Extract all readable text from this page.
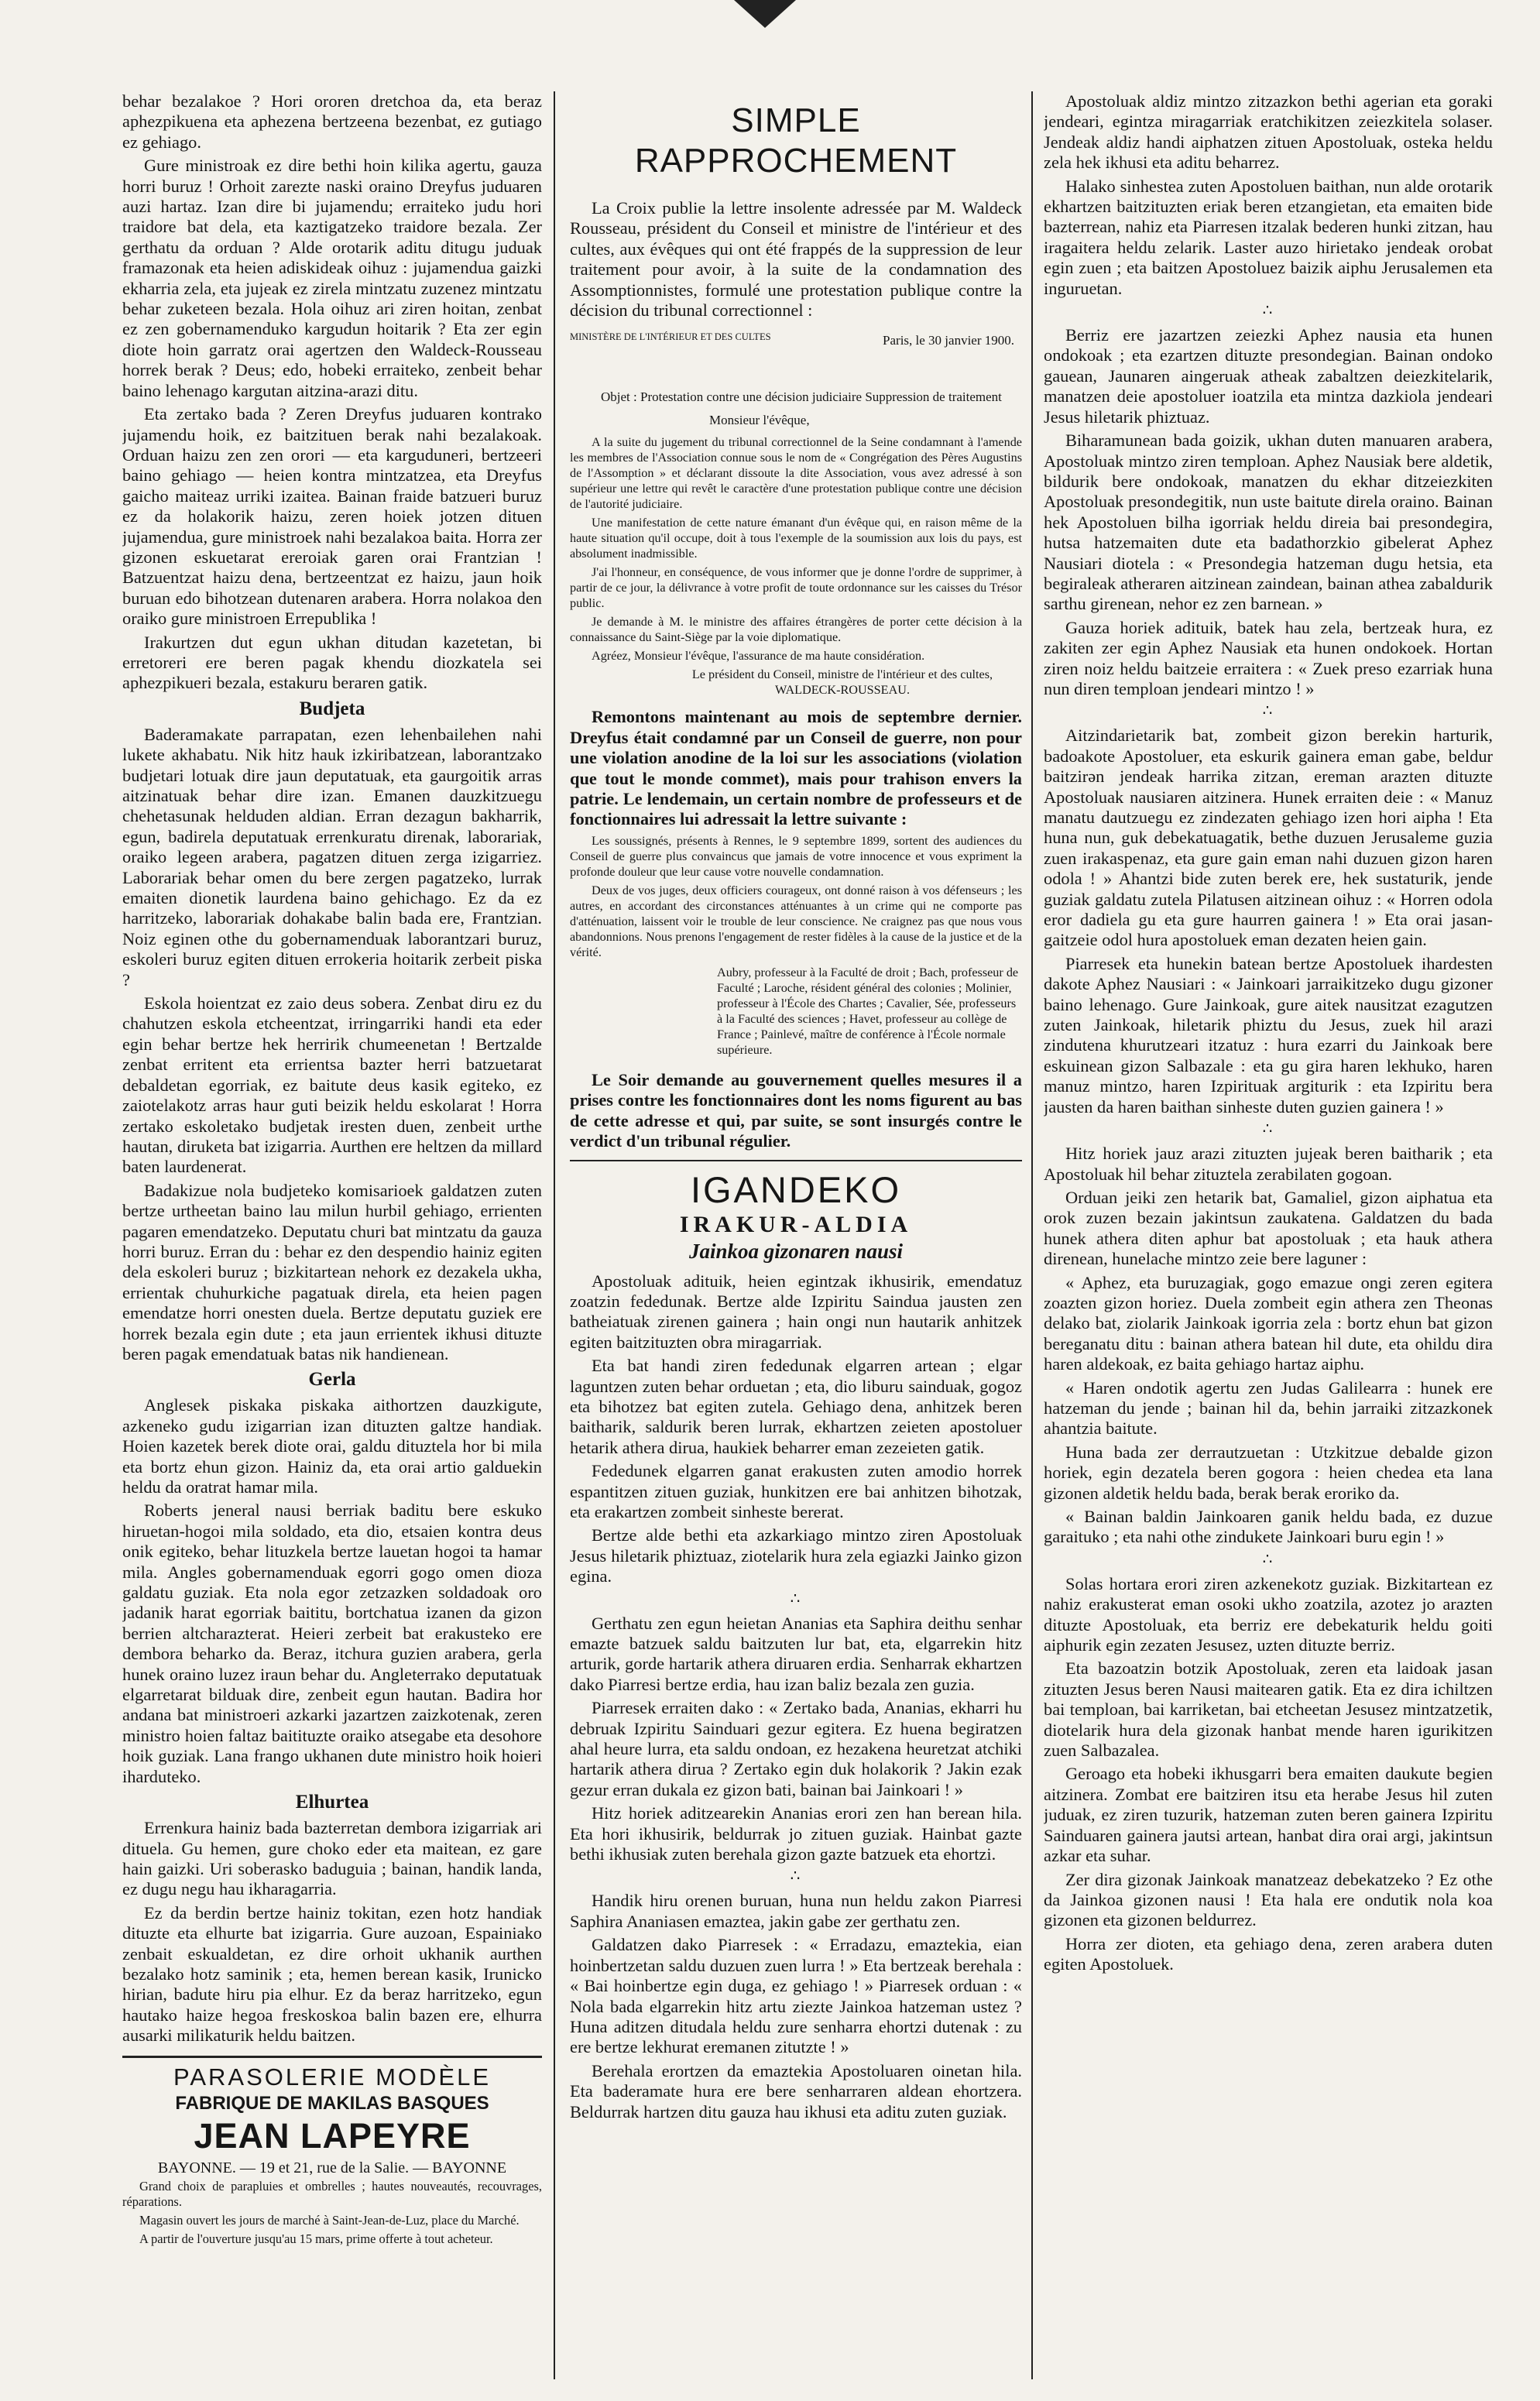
behar bezalakoe ? Hori ororen dretchoa da, eta beraz aphezpikuena eta aphezena bertzeena bezenbat, ez gutiago ez gehiago.

Gure ministroak ez dire bethi hoin kilika agertu, gauza horri buruz ! Orhoit zarezte naski oraino Dreyfus juduaren auzi hartaz. Izan dire bi jujamendu; erraiteko judu hori traidore bat dela, eta kaztigatzeko traidore bezala. Zer gerthatu da orduan ? Alde orotarik aditu ditugu juduak framazonak eta heien adiskideak oihuz : jujamendua gaizki ekharria zela, eta jujeak ez zirela mintzatu zuzenez mintzatu behar zuketeen bezala. Hola oihuz ari ziren hoitan, zenbat ez zen gobernamenduko kargudun hoitarik ? Eta zer egin diote hoin garratz orai agertzen den Waldeck-Rousseau horrek berak ? Deus; edo, hobeki erraiteko, zenbeit behar baino lehenago kargutan aitzina-arazi ditu.

Eta zertako bada ? Zeren Dreyfus juduaren kontrako jujamendu hoik, ez baitzituen berak nahi bezalakoak. Orduan haizu zen zen orori — eta karguduneri, bertzeeri baino gehiago — heien kontra mintzatzea, eta Dreyfus gaicho maiteaz urriki izaitea. Bainan fraide batzueri buruz ez da holakorik haizu, zeren hoiek jotzen dituen jujamendua, gure ministroek nahi bezalakoa baita. Horra zer gizonen eskuetarat ereroiak garen orai Frantzian ! Batzuentzat haizu dena, bertzeentzat ez haizu, jaun hoik buruan edo bihotzean dutenaren arabera. Horra nolakoa den oraiko gure ministroen Errepublika !

Irakurtzen dut egun ukhan ditudan kazetetan, bi erretoreri ere beren pagak khendu diozkatela sei aphezpikueri bezala, estakuru beraren gatik.

Budjeta

Baderamakate parrapatan, ezen lehenbailehen nahi lukete akhabatu. Nik hitz hauk izkiribatzean, laborantzako budjetari lotuak dire jaun deputatuak, eta gaurgoitik arras aitzinatuak behar dire izan. Emanen dauzkitzuegu chehetasunak helduden aldian. Erran dezagun bakharrik, egun, badirela deputatuak errenkuratu direnak, laborariak, oraiko legeen arabera, pagatzen dituen zerga izigarriez. Laborariak behar omen du bere zergen pagatzeko, lurrak emaiten dionetik laurdena baino gehichago. Ez da ez harritzeko, laborariak dohakabe balin bada ere, Frantzian. Noiz eginen othe du gobernamenduak laborantzari buruz, eskoleri buruz egiten dituen errokeria hoitarik zerbeit piska ?

Eskola hoientzat ez zaio deus sobera. Zenbat diru ez du chahutzen eskola etcheentzat, irringarriki handi eta eder egin behar bertze hek herririk chumeenetan ! Bertzalde zenbat erritent eta errientsa bazter herri batzuetarat debaldetan egorriak, ez baitute deus kasik egiteko, ez zaiotelakotz arras haur guti beizik heldu eskolarat ! Horra zertako eskoletako budjetak iresten duen, zenbeit urthe hautan, diruketa bat izigarria. Aurthen ere heltzen da millard baten laurdenerat.

Badakizue nola budjeteko komisarioek galdatzen zuten bertze urtheetan baino lau milun hurbil gehiago, errienten pagaren emendatzeko. Deputatu churi bat mintzatu da gauza horri buruz. Erran du : behar ez den despendio hainiz egiten dela eskoleri buruz ; bizkitartean nehork ez dezakela ukha, errientak chuhurkiche pagatuak direla, eta heien pagen emendatze horri onesten duela. Bertze deputatu guziek ere horrek bezala egin dute ; eta jaun errientek ikhusi dituzte beren pagak emendatuak batas nik handienean.

Gerla

Anglesek piskaka piskaka aithortzen dauzkigute, azkeneko gudu izigarrian izan dituzten galtze handiak. Hoien kazetek berek diote orai, galdu dituztela hor bi mila eta bortz ehun gizon. Hainiz da, eta orai artio galduekin heldu da oratrat hamar mila.

Roberts jeneral nausi berriak baditu bere eskuko hiruetan-hogoi mila soldado, eta dio, etsaien kontra deus onik egiteko, behar lituzkela bertze lauetan hogoi ta hamar mila. Angles gobernamenduak egorri gogo omen dioza galdatu guziak. Eta nola egor zetzazken soldadoak oro jadanik harat egorriak baititu, bortchatua izanen da gizon berrien altcharazterat. Heieri zerbeit bat erakusteko ere dembora beharko da. Beraz, itchura guzien arabera, gerla hunek oraino luzez iraun behar du. Angleterrako deputatuak elgarretarat bilduak dire, zenbeit egun hautan. Badira hor andana bat ministroeri azkarki jazartzen zaizkotenak, zeren ministro hoien faltaz baitituzte oraiko atsegabe eta desohore hoik guziak. Lana frango ukhanen dute ministro hoik hoieri iharduteko.

Elhurtea

Errenkura hainiz bada bazterretan dembora izigarriak ari dituela. Gu hemen, gure choko eder eta maitean, ez gare hain gaizki. Uri soberasko baduguia ; bainan, handik landa, ez dugu negu hau ikharagarria.

Ez da berdin bertze hainiz tokitan, ezen hotz handiak dituzte eta elhurte bat izigarria. Gure auzoan, Espainiako zenbait eskualdetan, ez dire orhoit ukhanik aurthen bezalako hotz saminik ; eta, hemen berean kasik, Irunicko hirian, badute hiru pia elhur. Ez da beraz harritzeko, egun hautako haize hegoa freskoskoa balin bazen ere, elhurra ausarki milikaturik heldu baitzen.

PARASOLERIE MODÈLE
FABRIQUE DE MAKILAS BASQUES
JEAN LAPEYRE
BAYONNE. — 19 et 21, rue de la Salie. — BAYONNE

Grand choix de parapluies et ombrelles ; hautes nouveautés, recouvrages, réparations.

Magasin ouvert les jours de marché à Saint-Jean-de-Luz, place du Marché.

A partir de l'ouverture jusqu'au 15 mars, prime offerte à tout acheteur.

SIMPLE RAPPROCHEMENT

La Croix publie la lettre insolente adressée par M. Waldeck Rousseau, président du Conseil et ministre de l'intérieur et des cultes, aux évêques qui ont été frappés de la suppression de leur traitement pour avoir, à la suite de la condamnation des Assomptionnistes, formulé une protestation publique contre la décision du tribunal correctionnel :

MINISTÈRE DE L'INTÉRIEUR ET DES CULTES	Paris, le 30 janvier 1900.
Objet : Protestation contre une décision judiciaire Suppression de traitement
Monsieur l'évêque,

A la suite du jugement du tribunal correctionnel de la Seine condamnant à l'amende les membres de l'Association connue sous le nom de « Congrégation des Pères Augustins de l'Assomption » et déclarant dissoute la dite Association, vous avez adressé à son supérieur une lettre qui revêt le caractère d'une protestation publique contre une décision de l'autorité judiciaire.

Une manifestation de cette nature émanant d'un évêque qui, en raison même de la haute situation qu'il occupe, doit à tous l'exemple de la soumission aux lois du pays, est absolument inadmissible.

J'ai l'honneur, en conséquence, de vous informer que je donne l'ordre de supprimer, à partir de ce jour, la délivrance à votre profit de toute ordonnance sur les caisses du Trésor public.

Je demande à M. le ministre des affaires étrangères de porter cette décision à la connaissance du Saint-Siège par la voie diplomatique.

Agréez, Monsieur l'évêque, l'assurance de ma haute considération.

Le président du Conseil, ministre de l'intérieur et des cultes, WALDECK-ROUSSEAU.

Remontons maintenant au mois de septembre dernier. Dreyfus était condamné par un Conseil de guerre, non pour une violation anodine de la loi sur les associations (violation que tout le monde commet), mais pour trahison envers la patrie. Le lendemain, un certain nombre de professeurs et de fonctionnaires lui adressait la lettre suivante :

Les soussignés, présents à Rennes, le 9 septembre 1899, sortent des audiences du Conseil de guerre plus convaincus que jamais de votre innocence et vous expriment la profonde douleur que leur cause votre nouvelle condamnation.

Deux de vos juges, deux officiers courageux, ont donné raison à vos défenseurs ; les autres, en accordant des circonstances atténuantes à un crime qui ne comporte pas d'atténuation, laissent voir le trouble de leur conscience. Ne craignez pas que nous vous abandonnions. Nous prenons l'engagement de rester fidèles à la cause de la justice et de la vérité.

Aubry, professeur à la Faculté de droit ; Bach, professeur de Faculté ; Laroche, résident général des colonies ; Molinier, professeur à l'École des Chartes ; Cavalier, Sée, professeurs à la Faculté des sciences ; Havet, professeur au collège de France ; Painlevé, maître de conférence à l'École normale supérieure.

Le Soir demande au gouvernement quelles mesures il a prises contre les fonctionnaires dont les noms figurent au bas de cette adresse et qui, par suite, se sont insurgés contre le verdict d'un tribunal régulier.

IGANDEKO
IRAKUR-ALDIA
Jainkoa gizonaren nausi

Apostoluak adituik, heien egintzak ikhusirik, emendatuz zoatzin fededunak. Bertze alde Izpiritu Sainduа jausten zen batheiatuak zirenen gainera ; hain ongi nun hautarik anhitzek egiten baitzituzten obra miragarriak.

Eta bat handi ziren fededunak elgarren artean ; elgar laguntzen zuten behar orduetan ; eta, dio liburu sainduak, gogoz eta bihotzez bat egiten zutela. Gehiago dena, anhitzek beren baitharik, saldurik beren lurrak, ekhartzen zeieten apostoluer hetarik athera dirua, haukiek beharrer eman zezeieten gatik.

Fededunek elgarren ganat erakusten zuten amodio horrek espantitzen zituen guziak, hunkitzen ere bai anhitzen bihotzak, eta erakartzen zombeit sinheste bererat.

Bertze alde bethi eta azkarkiago mintzo ziren Apostoluak Jesus hiletarik phiztuaz, ziotelarik hura zela egiazki Jainko gizon egina.

∴

Gerthatu zen egun heietan Ananias eta Saphira deithu senhar emazte batzuek saldu baitzuten lur bat, eta, elgarrekin hitz arturik, gorde hartarik athera diruaren erdia. Senharrak ekhartzen dako Piarresi bertze erdia, hau izan baliz bezala zen guzia.

Piarresek erraiten dako : « Zertako bada, Ananias, ekharri hu debruak Izpiritu Sainduari gezur egiterа. Ez huena begiratzen ahal heure lurra, eta saldu ondoan, ez hezakena heuretzat atchiki hartarik athera dirua ? Zertako egin duk holakorik ? Jakin ezak gezur erran dukala ez gizon bati, bainan bai Jainkoari ! »

Hitz horiek aditzearekin Ananias erori zen han berean hila. Eta hori ikhusirik, beldurrak jo zituen guziak. Hainbat gazte bethi ikhusiak zuten berehala gizon gazte batzuek eta ehortzi.

∴

Handik hiru orenen buruan, huna nun heldu zakon Piarresi Saphira Ananiasen emaztea, jakin gabe zer gerthatu zen.

Galdatzen dako Piarresek : « Erradazu, emaztekia, eian hoinbertzetan saldu duzuen zuen lurra ! » Eta bertzeak berehala : « Bai hoinbertze egin duga, ez gehiago ! » Piarresek orduan : « Nola bada elgarrekin hitz artu ziezte Jainkoa hatzeman ustez ? Huna aditzen ditudala heldu zure senharra ehortzi dutenak : zu ere bertze lekhurat eremanen zitutzte ! »

Berehala erortzen da emaztekia Apostoluaren oinetan hila. Eta baderamate hura ere bere senharraren aldean ehortzera. Beldurrak hartzen ditu gauza hau ikhusi eta aditu zuten guziak.

Apostoluak aldiz mintzo zitzazkon bethi agerian eta goraki jendeari, egintza miragarriak eratchikitzen zeiezkitela solaser. Jendeak aldiz handi aiphatzen zituen Apostoluak, osteka heldu zela hek ikhusi eta aditu beharrez.

Halako sinhestea zuten Apostoluen baithan, nun alde orotarik ekhartzen baitzituzten eriak beren etzangietan, eta emaiten bide bazterrean, nahiz eta Piarresen itzalak bederen hunki zitzan, hau iragaitera heldu zelarik. Laster auzo hirietako jendeak orobat egin zuen ; eta baitzen Apostoluez baizik aiphu Jerusalemen eta inguruetan.

∴

Berriz ere jazartzen zeiezki Aphez nausia eta hunen ondokoak ; eta ezartzen dituzte presondegian. Bainan ondoko gauean, Jaunaren aingeruak atheak zabaltzen deiezkitelarik, manatzen deie apostoluer ioatzila eta mintza dazkiola jendeari Jesus hiletarik phiztuaz.

Biharamunean bada goizik, ukhan duten manuaren arabera, Apostoluak mintzo ziren temploan. Aphez Nausiak bere aldetik, bildurik bere ondokoak, manatzen du ekhar ditzeiezkiten Apostoluak presondegitik, nun uste baitute direla oraino. Bainan hek Apostoluen bilha igorriak heldu direia bai presondegira, hutsa hatzemaiten dute eta badathorzkio gibelerat Aphez Nausiari diotela : « Presondegia hatzeman dugu hetsia, eta begiraleak atheraren aitzinean zaindean, bainan athea zabaldurik sarthu girenean, nehor ez zen barnean. »

Gauza horiek adituik, batek hau zela, bertzeak hura, ez zakiten zer egin Aphez Nausiak eta hunen ondokoek. Hortan ziren noiz heldu baitzeie erraitera : « Zuek preso ezarriak huna nun diren templоan jendeari mintzo ! »

∴

Aitzindarietarik bat, zombeit gizon berekin harturik, badoakote Apostoluer, eta eskurik gainera eman gabe, beldur baitzirən jendeak harrika zitzan, ereman arazten dituzte Apostoluak nausiaren aitzinera. Hunek erraiten deie : « Manuz manatu dautzuegu ez zindezaten gehiago izen hori aipha ! Eta huna nun, guk debekatuagatik, bethe duzuen Jerusaleme guzia zuen irakaspenaz, eta gure gain eman nahi duzuen gizon haren odola ! » Ahantzi bide zuten berek ere, hek sustaturik, jende guziak galdatu zutela Pilatusen aitzinean oihuz : « Horren odola eror dadiela gu eta gure haurren gainera ! » Eta orai jasan-gaitzeie odol hura apostoluek eman dezaten heien gain.

Piarresek eta hunekin batean bertze Apostoluek ihardesten dakote Aphez Nausiari : « Jainkoari jarraikitzeko dugu gizoner baino lehenago. Gure Jainkoak, gure aitek nausitzat ezagutzen zuten Jainkoak, hiletarik phiztu du Jesus, zuek hil arazi zindutena khurutzeari itzatuz : hura ezarri du Jainkoak bere eskuinean gizon Salbazale : eta gu gira haren lekhuko, haren manuz mintzo, haren Izpirituak argiturik : eta Izpiritu bera jausten da haren baithan sinheste duten guzien gainera ! »

∴

Hitz horiek jauz arazi zituzten jujeak beren baitharik ; eta Apostoluak hil behar zituztela zerabilaten gogoan.

Orduan jeiki zen hetarik bat, Gamaliel, gizon aiphatua eta orok zuzen bezain jakintsun zaukatena. Galdatzen du bada hunek athera diten aphur bat apostoluak ; eta hauk athera direnean, hunelache mintzo zeie bere laguner :

« Aphez, eta buruzagiak, gogo emazue ongi zeren egitera zoazten gizon horiez. Duela zombeit egin athera zen Theonas delako bat, ziolarik Jainkoak igorria zela : bortz ehun bat gizon bereganatu ditu : bainan athera batean hil dute, eta ohildu dira haren aldekoak, ez baita gehiago hartaz aiphu.

« Haren ondotik agertu zen Judas Galilearra : hunek ere hatzeman du jende ; bainan hil da, behin jarraiki zitzazkonek ahantzia baitute.

Huna bada zer derrautzuetan : Utzkitzue debalde gizon horiek, egin dezatela beren gogora : heien chedea eta lana gizonen aldetik heldu bada, berak berak eroriko da.

« Bainan baldin Jainkoaren ganik heldu bada, ez duzue garaituko ; eta nahi othe zindukete Jainkoari buru egin ! »

∴

Solas hortara erori ziren azkenekotz guziak. Bizkitartean ez nahiz erakusterat eman osoki ukho zoatzila, azotez jo arazten dituzte Apostoluak, eta berriz ere debekaturik heldu goiti aiphurik egin zezaten Jesusez, uzten dituzte berriz.

Eta bazoatzin botzik Apostoluak, zeren eta laidoak jasan zituzten Jesus beren Nausi maitearen gatik. Eta ez dira ichiltzen bai templоan, bai karriketan, bai etcheetan Jesusez mintzatzetik, diotelarik hura dela gizonak hanbat mende haren igurikitzen zuen Salbazalea.

Geroago eta hobeki ikhusgarri bera emaiten daukute begien aitzinera. Zombat ere baitziren itsu eta herabe Jesus hil zuten juduak, ez ziren tuzurik, hatzeman zuten beren gainera Izpiritu Sainduaren gainera jautsi artean, hanbat dira orai argi, jakintsun azkar eta suhar.

Zer dira gizonak Jainkoak manatzeaz debekatzeko ? Ez othe da Jainkoa gizonen nausi ! Eta hala ere ondutik nola koa gizonen eta gizonen beldurrez.

Horra zer dioten, eta gehiago dena, zeren arabera duten egiten Apostoluek.
